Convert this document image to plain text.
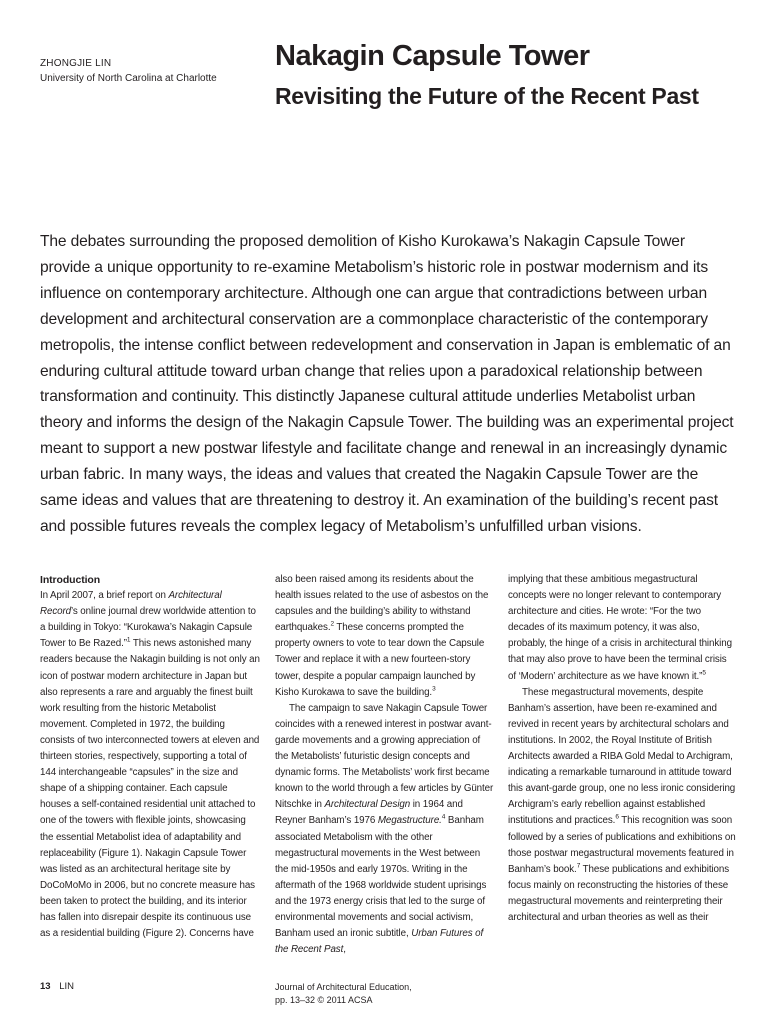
ZHONGJIE LIN
University of North Carolina at Charlotte
Nakagin Capsule Tower
Revisiting the Future of the Recent Past

The debates surrounding the proposed demolition of Kisho Kurokawa’s Nakagin Capsule Tower provide a unique opportunity to re-examine Metabolism’s historic role in postwar modernism and its influence on contemporary architecture. Although one can argue that contradictions between urban development and architectural conservation are a commonplace characteristic of the contemporary metropolis, the intense conflict between redevelopment and conservation in Japan is emblematic of an enduring cultural attitude toward urban change that relies upon a paradoxical relationship between transformation and continuity. This distinctly Japanese cultural attitude underlies Metabolist urban theory and informs the design of the Nakagin Capsule Tower. The building was an experimental project meant to support a new postwar lifestyle and facilitate change and renewal in an increasingly dynamic urban fabric. In many ways, the ideas and values that created the Nagakin Capsule Tower are the same ideas and values that are threatening to destroy it. An examination of the building’s recent past and possible futures reveals the complex legacy of Metabolism’s unfulfilled urban visions.

Introduction

In April 2007, a brief report on Architectural Record’s online journal drew worldwide attention to a building in Tokyo: “Kurokawa’s Nakagin Capsule Tower to Be Razed.”$^1$ This news astonished many readers because the Nakagin building is not only an icon of postwar modern architecture in Japan but also represents a rare and arguably the finest built work resulting from the historic Metabolist movement. Completed in 1972, the building consists of two interconnected towers at eleven and thirteen stories, respectively, supporting a total of 144 interchangeable “capsules” in the size and shape of a shipping container. Each capsule houses a self-contained residential unit attached to one of the towers with flexible joints, showcasing the essential Metabolist idea of adaptability and replaceability (Figure 1). Nakagin Capsule Tower was listed as an architectural heritage site by DoCoMoMo in 2006, but no concrete measure has been taken to protect the building, and its interior has fallen into disrepair despite its continuous use as a residential building (Figure 2). Concerns have

also been raised among its residents about the health issues related to the use of asbestos on the capsules and the building’s ability to withstand earthquakes.$^2$ These concerns prompted the property owners to vote to tear down the Capsule Tower and replace it with a new fourteen-story tower, despite a popular campaign launched by Kisho Kurokawa to save the building.$^3$

The campaign to save Nakagin Capsule Tower coincides with a renewed interest in postwar avant-garde movements and a growing appreciation of the Metabolists’ futuristic design concepts and dynamic forms. The Metabolists’ work first became known to the world through a few articles by Günter Nitschke in Architectural Design in 1964 and Reyner Banham’s 1976 Megastructure.$^4$ Banham associated Metabolism with the other megastructural movements in the West between the mid-1950s and early 1970s. Writing in the aftermath of the 1968 worldwide student uprisings and the 1973 energy crisis that led to the surge of environmental movements and social activism, Banham used an ironic subtitle, Urban Futures of the Recent Past,

implying that these ambitious megastructural concepts were no longer relevant to contemporary architecture and cities. He wrote: “For the two decades of its maximum potency, it was also, probably, the hinge of a crisis in architectural thinking that may also prove to have been the terminal crisis of ‘Modern’ architecture as we have known it.”$^5$

These megastructural movements, despite Banham’s assertion, have been re-examined and revived in recent years by architectural scholars and institutions. In 2002, the Royal Institute of British Architects awarded a RIBA Gold Medal to Archigram, indicating a remarkable turnaround in attitude toward this avant-garde group, one no less ironic considering Archigram’s early rebellion against established institutions and practices.$^6$ This recognition was soon followed by a series of publications and exhibitions on those postwar megastructural movements featured in Banham’s book.$^7$ These publications and exhibitions focus mainly on reconstructing the histories of these megastructural movements and reinterpreting their architectural and urban theories as well as their

13 LIN	Journal of Architectural Education,
pp. 13–32 © 2011 ACSA
